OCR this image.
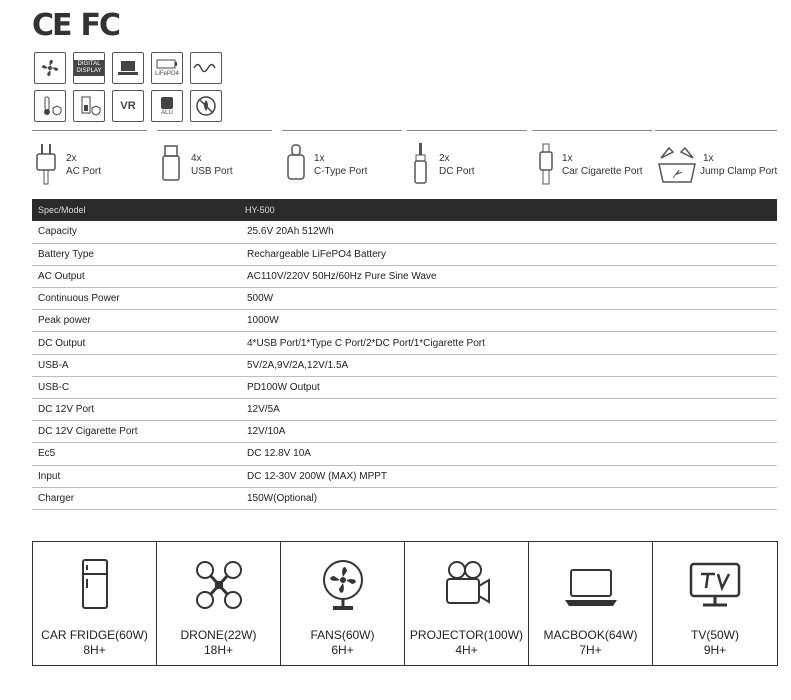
CE FC
DIGITAL DISPLAY	LiFePO4
VR
ALU
2x
AC Port
4x
USB Port
1x
C-Type Port
2x
DC Port
1x
Car Cigarette Port
1x
Jump Clamp Port
Spec/Model	HY-500
Capacity	25.6V 20Ah 512Wh
Battery Type	Rechargeable LiFePO4 Battery
AC Output	AC110V/220V 50Hz/60Hz Pure Sine Wave
Continuous Power	500W
Peak power	1000W
DC Output	4*USB Port/1*Type C Port/2*DC Port/1*Cigarette Port
USB-A	5V/2A,9V/2A,12V/1.5A
USB-C	PD100W Output
DC 12V Port	12V/5A
DC 12V Cigarette Port	12V/10A
Ec5	DC 12.8V 10A
Input	DC 12-30V 200W (MAX) MPPT
Charger	150W(Optional)
CAR FRIDGE(60W)
8H+
DRONE(22W)
18H+
FANS(60W)
6H+
PROJECTOR(100W)
4H+
MACBOOK(64W)
7H+
TV(50W)
9H+
